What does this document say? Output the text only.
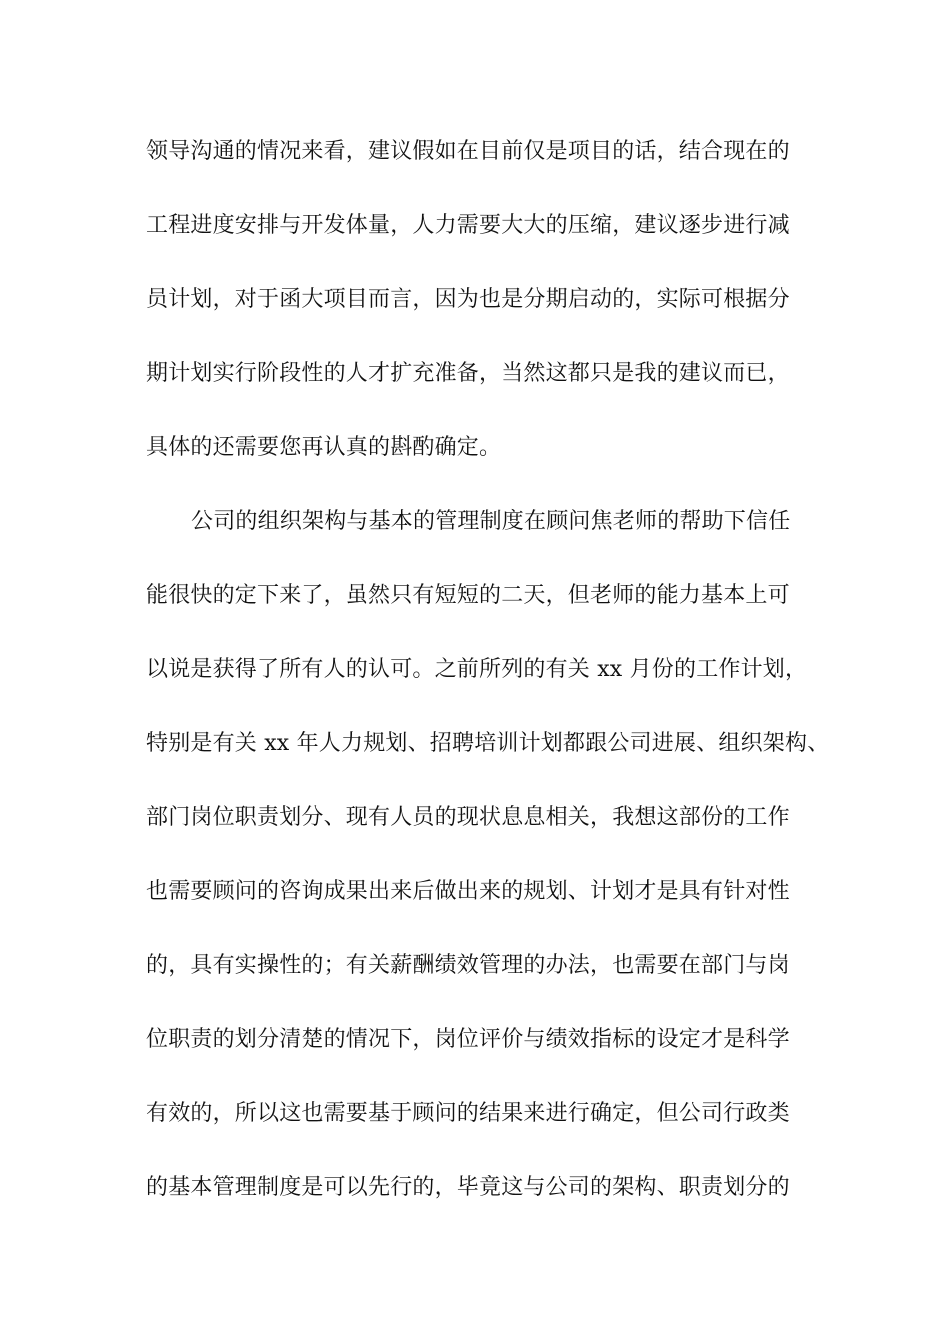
领导沟通的情况来看，建议假如在目前仅是项目的话，结合现在的
工程进度安排与开发体量，人力需要大大的压缩，建议逐步进行减
员计划，对于函大项目而言，因为也是分期启动的，实际可根据分
期计划实行阶段性的人才扩充准备，当然这都只是我的建议而已，
具体的还需要您再认真的斟酌确定。
公司的组织架构与基本的管理制度在顾问焦老师的帮助下信任
能很快的定下来了，虽然只有短短的二天，但老师的能力基本上可
以说是获得了所有人的认可。之前所列的有关 xx 月份的工作计划，
特别是有关 xx 年人力规划、招聘培训计划都跟公司进展、组织架构、
部门岗位职责划分、现有人员的现状息息相关，我想这部份的工作
也需要顾问的咨询成果出来后做出来的规划、计划才是具有针对性
的，具有实操性的；有关薪酬绩效管理的办法，也需要在部门与岗
位职责的划分清楚的情况下，岗位评价与绩效指标的设定才是科学
有效的，所以这也需要基于顾问的结果来进行确定，但公司行政类
的基本管理制度是可以先行的，毕竟这与公司的架构、职责划分的
